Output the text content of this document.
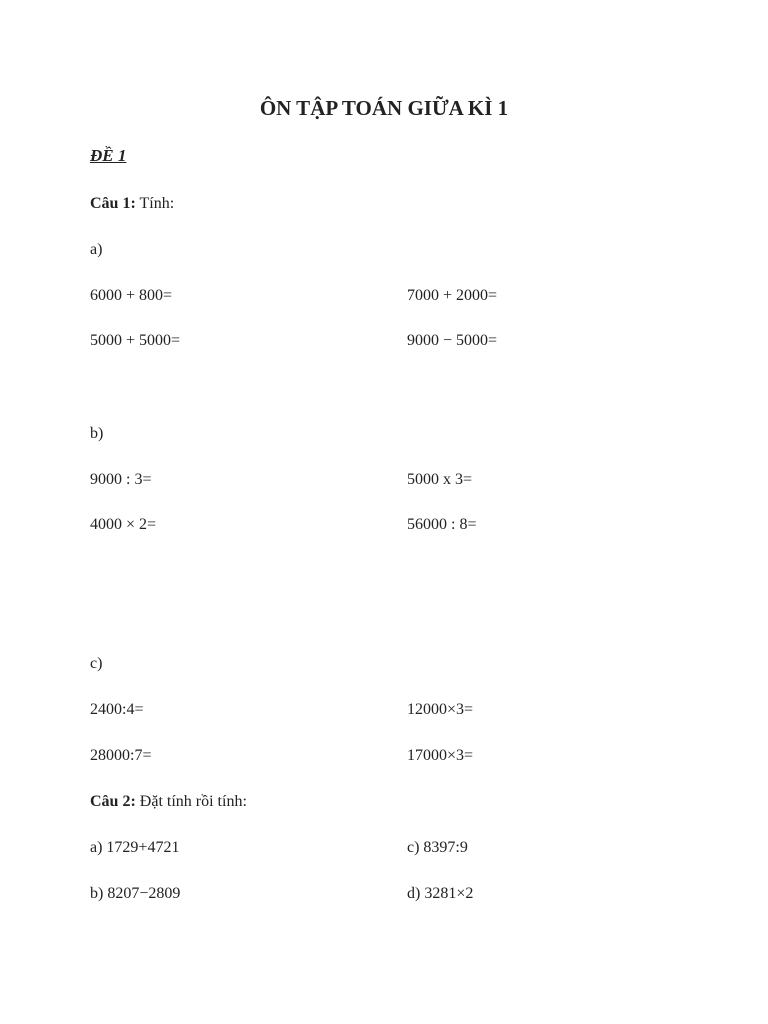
ÔN TẬP TOÁN GIỮA KÌ 1
ĐỀ 1
Câu 1: Tính:
a)
6000 + 800=	7000 + 2000=
5000 + 5000=	9000 − 5000=
b)
9000 : 3=	5000 x 3=
4000 × 2=	56000 : 8=
c)
2400:4=	12000×3=
28000:7=	17000×3=
Câu 2: Đặt tính rồi tính:
a) 1729+4721	c) 8397:9
b) 8207−2809	d) 3281×2
